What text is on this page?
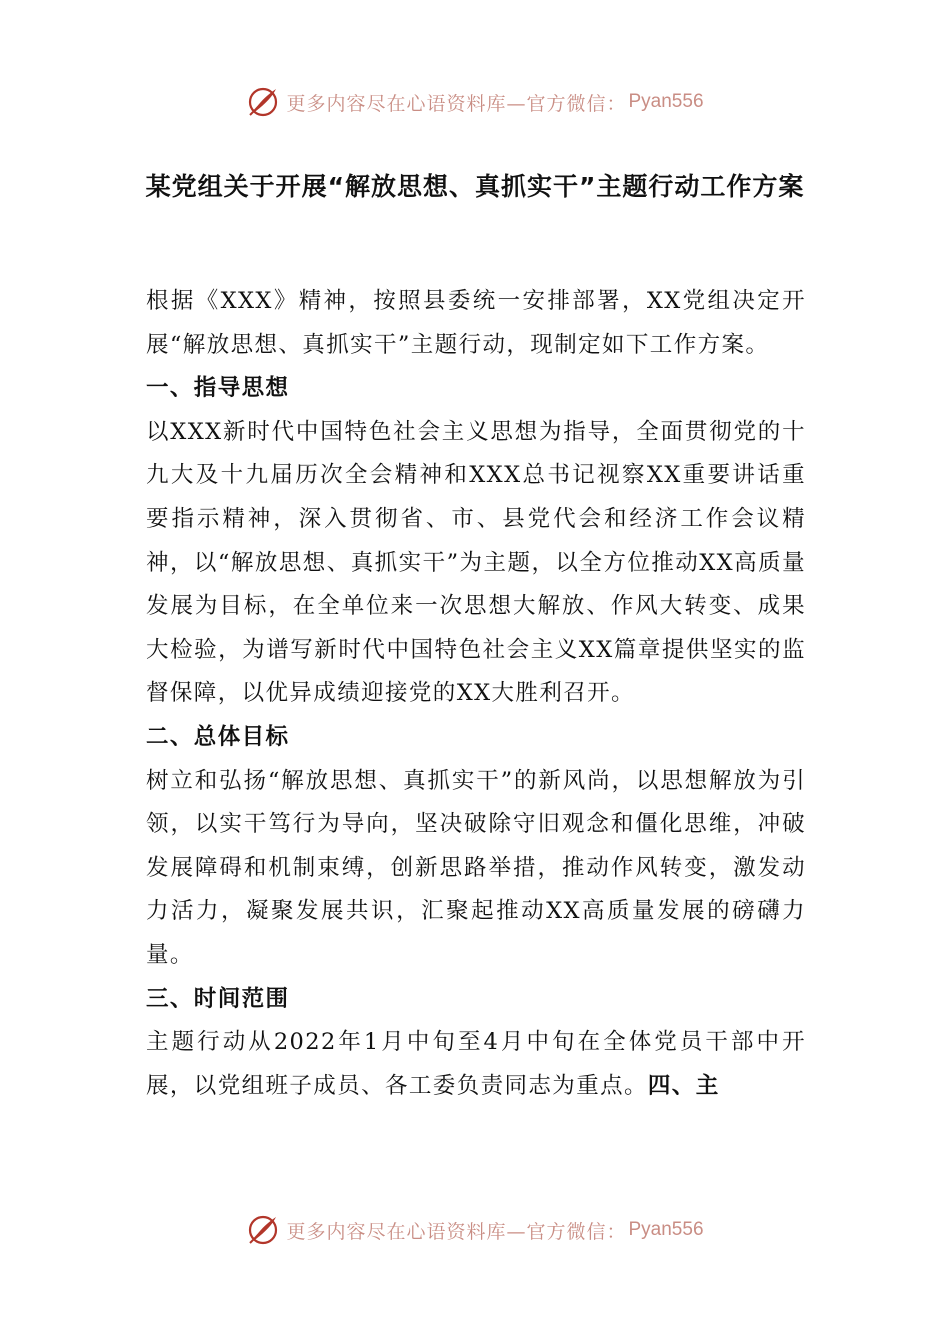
更多内容尽在心语资料库—官方微信： Pyan556
某党组关于开展“解放思想、真抓实干”主题行动工作方案

根据《XXX》精神，按照县委统一安排部署，XX党组决定开展“解放思想、真抓实干”主题行动，现制定如下工作方案。

一、指导思想

以XXX新时代中国特色社会主义思想为指导，全面贯彻党的十九大及十九届历次全会精神和XXX总书记视察XX重要讲话重要指示精神，深入贯彻省、市、县党代会和经济工作会议精神，以“解放思想、真抓实干”为主题，以全方位推动XX高质量发展为目标，在全单位来一次思想大解放、作风大转变、成果大检验，为谱写新时代中国特色社会主义XX篇章提供坚实的监督保障，以优异成绩迎接党的XX大胜利召开。

二、总体目标

树立和弘扬“解放思想、真抓实干”的新风尚，以思想解放为引领，以实干笃行为导向，坚决破除守旧观念和僵化思维，冲破发展障碍和机制束缚，创新思路举措，推动作风转变，激发动力活力，凝聚发展共识，汇聚起推动XX高质量发展的磅礴力量。

三、时间范围

主题行动从2022年1月中旬至4月中旬在全体党员干部中开展，以党组班子成员、各工委负责同志为重点。四、主

更多内容尽在心语资料库—官方微信： Pyan556
